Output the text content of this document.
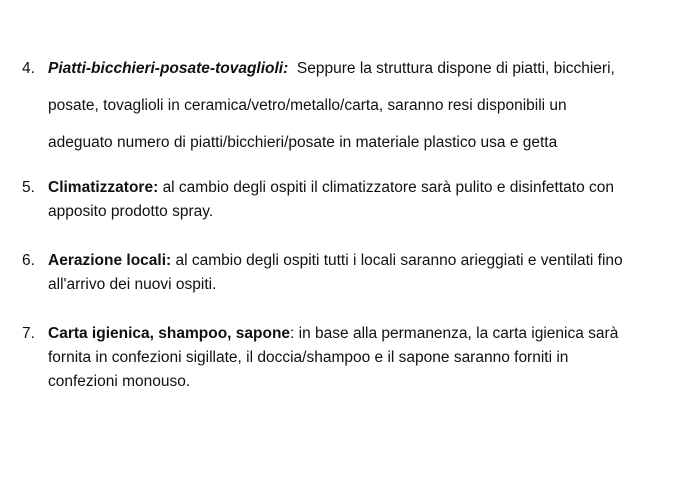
4. Piatti-bicchieri-posate-tovaglioli: Seppure la struttura dispone di piatti, bicchieri,
posate, tovaglioli in ceramica/vetro/metallo/carta, saranno resi disponibili un
adeguato numero di piatti/bicchieri/posate in materiale plastico usa e getta
5. Climatizzatore: al cambio degli ospiti il climatizzatore sarà pulito e disinfettato con
apposito prodotto spray.
6. Aerazione locali: al cambio degli ospiti tutti i locali saranno arieggiati e ventilati fino
all'arrivo dei nuovi ospiti.
7. Carta igienica, shampoo, sapone: in base alla permanenza, la carta igienica sarà
fornita in confezioni sigillate, il doccia/shampoo e il sapone saranno forniti in
confezioni monouso.
